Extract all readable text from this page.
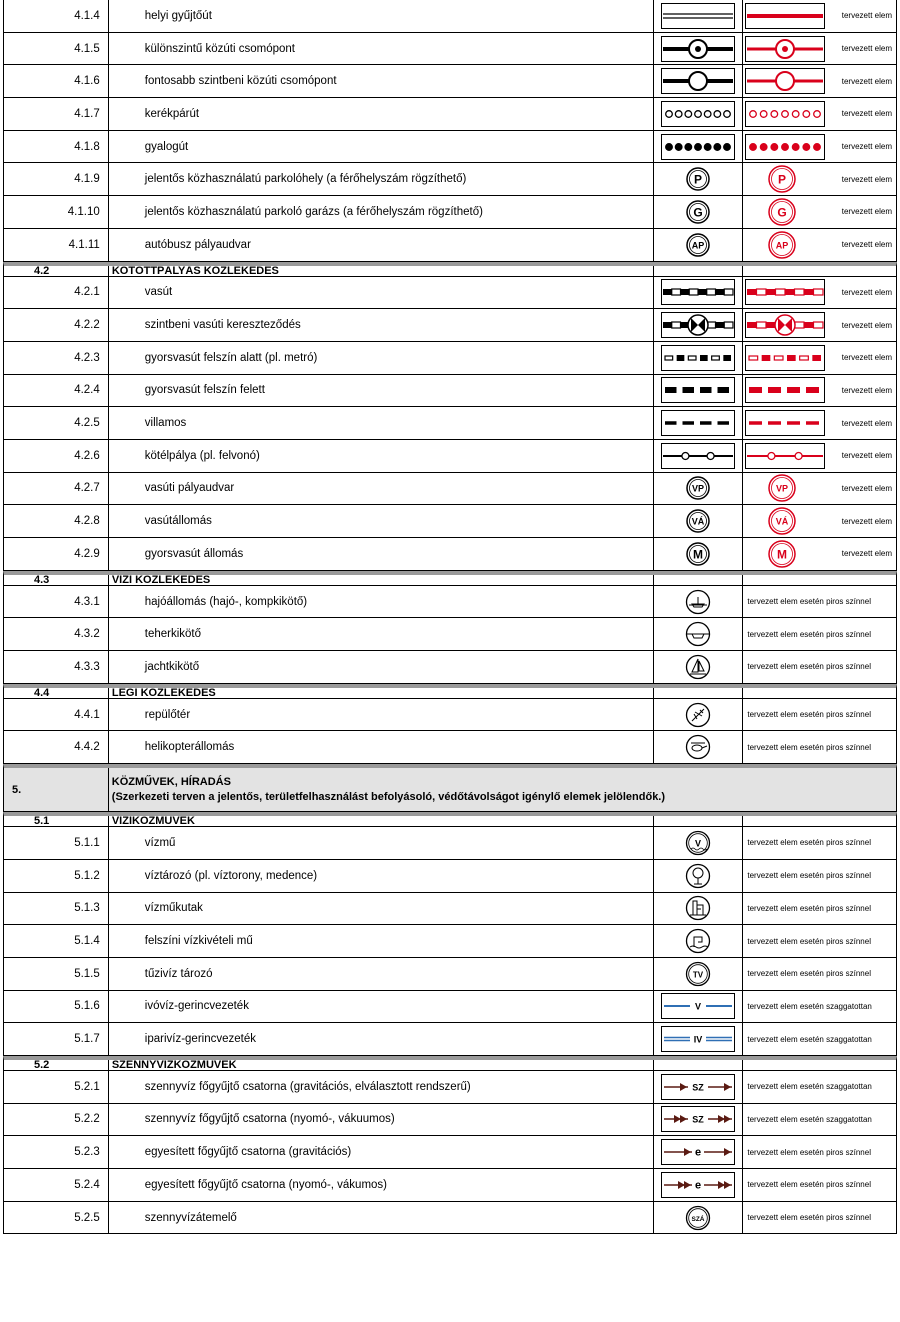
4.1.4	helyi gyűjtőút	tervezett elem
4.1.5	különszintű közúti csomópont	tervezett elem
4.1.6	fontosabb szintbeni közúti csomópont	tervezett elem
4.1.7	kerékpárút	tervezett elem
4.1.8	gyalogút	tervezett elem
4.1.9	jelentős közhasználatú parkolóhely (a férőhelyszám rögzíthető)	P	P	tervezett elem
4.1.10	jelentős közhasználatú parkoló garázs (a férőhelyszám rögzíthető)	G	G	tervezett elem
4.1.11	autóbusz pályaudvar	AP	AP	tervezett elem
4.2	KÖTÖTTPÁLYÁS KÖZLEKEDÉS
4.2.1	vasút	tervezett elem
4.2.2	szintbeni vasúti kereszteződés	tervezett elem
4.2.3	gyorsvasút felszín alatt (pl. metró)	tervezett elem
4.2.4	gyorsvasút felszín felett	tervezett elem
4.2.5	villamos	tervezett elem
4.2.6	kötélpálya (pl. felvonó)	tervezett elem
4.2.7	vasúti pályaudvar	VP	VP	tervezett elem
4.2.8	vasútállomás	VÁ	VÁ	tervezett elem
4.2.9	gyorsvasút állomás	M	M	tervezett elem
4.3	VÍZI KÖZLEKEDÉS
4.3.1	hajóállomás (hajó-, kompkikötő)	tervezett elem esetén piros színnel
4.3.2	teherkikötő	tervezett elem esetén piros színnel
4.3.3	jachtkikötő	tervezett elem esetén piros színnel
4.4	LÉGI KÖZLEKEDÉS
4.4.1	repülőtér	tervezett elem esetén piros színnel
4.4.2	helikopterállomás	tervezett elem esetén piros színnel
5.
KÖZMŰVEK, HÍRADÁS
(Szerkezeti terven a jelentős, területfelhasználást befolyásoló, védőtávolságot igénylő elemek jelölendők.)
5.1	VÍZIKÖZMŰVEK
5.1.1	vízmű	V	tervezett elem esetén piros színnel
5.1.2	víztározó (pl. víztorony, medence)	tervezett elem esetén piros színnel
5.1.3	vízműkutak	tervezett elem esetén piros színnel
5.1.4	felszíni vízkivételi mű	tervezett elem esetén piros színnel
5.1.5	tűzivíz tározó	TV	tervezett elem esetén piros színnel
5.1.6	ivóvíz-gerincvezeték	V	tervezett elem esetén szaggatottan
5.1.7	iparivíz-gerincvezeték	IV	tervezett elem esetén szaggatottan
5.2	SZENNYVÍZKÖZMŰVEK
5.2.1	szennyvíz főgyűjtő csatorna (gravitációs, elválasztott rendszerű)	SZ	tervezett elem esetén szaggatottan
5.2.2	szennyvíz főgyűjtő csatorna (nyomó-, vákuumos)	SZ	tervezett elem esetén szaggatottan
5.2.3	egyesített főgyűjtő csatorna (gravitációs)	e	tervezett elem esetén piros színnel
5.2.4	egyesített főgyűjtő csatorna (nyomó-, vákumos)	e	tervezett elem esetén piros színnel
5.2.5	szennyvízátemelő	SZÁ	tervezett elem esetén piros színnel
